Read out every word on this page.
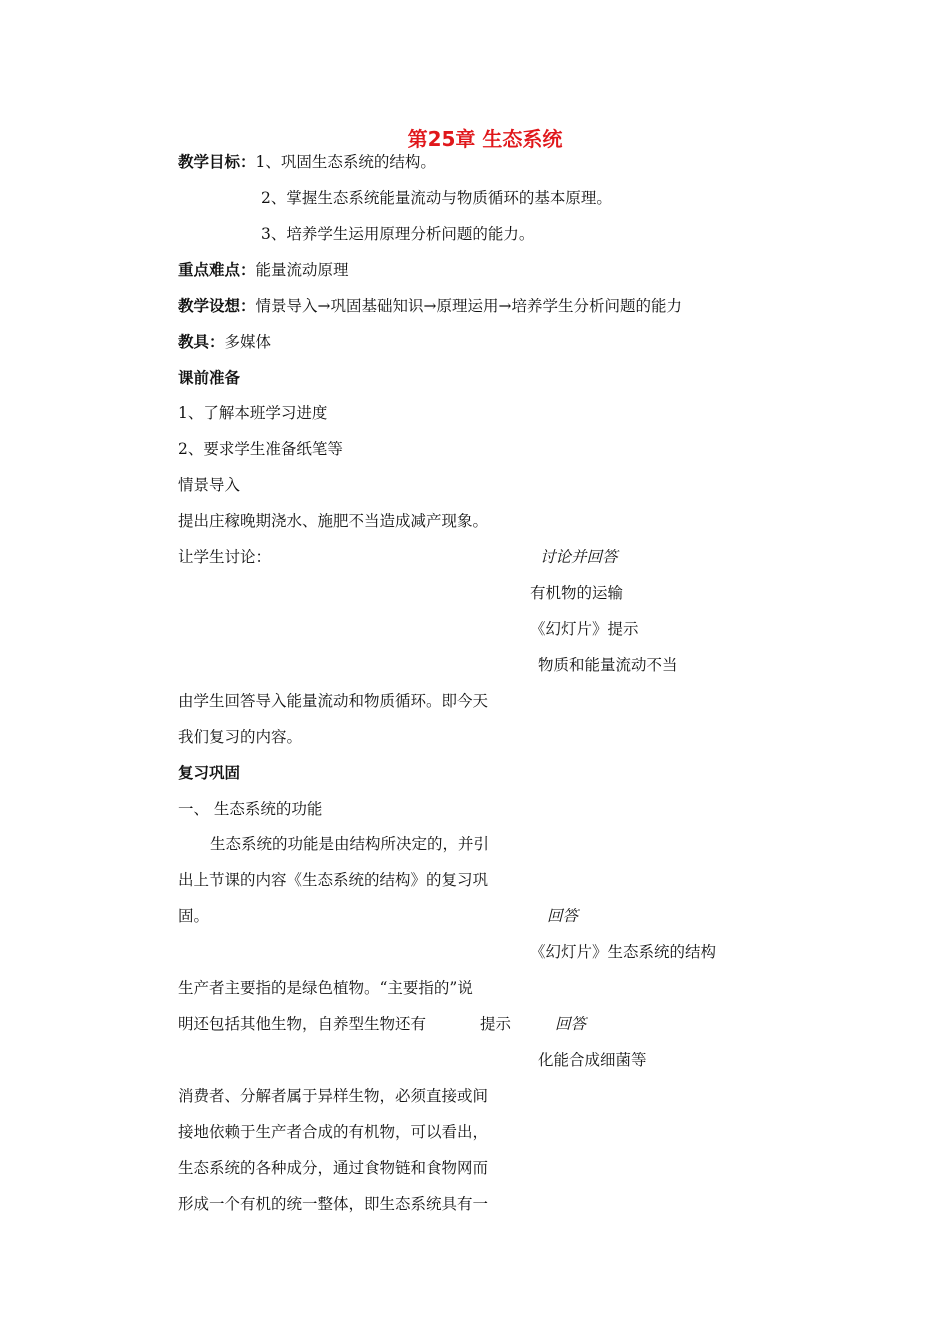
第25章 生态系统
教学目标：1、巩固生态系统的结构。
2、掌握生态系统能量流动与物质循环的基本原理。
3、培养学生运用原理分析问题的能力。
重点难点：能量流动原理
教学设想：情景导入→巩固基础知识→原理运用→培养学生分析问题的能力
教具：多媒体
课前准备
1、了解本班学习进度
2、要求学生准备纸笔等
情景导入
提出庄稼晚期浇水、施肥不当造成减产现象。
让学生讨论：	讨论并回答
有机物的运输
《幻灯片》提示
物质和能量流动不当
由学生回答导入能量流动和物质循环。即今天
我们复习的内容。
复习巩固
一、 生态系统的功能
生态系统的功能是由结构所决定的，并引
出上节课的内容《生态系统的结构》的复习巩
固。	回答
《幻灯片》生态系统的结构
生产者主要指的是绿色植物。“主要指的”说
明还包括其他生物，自养型生物还有	提示	回答
化能合成细菌等
消费者、分解者属于异样生物，必须直接或间
接地依赖于生产者合成的有机物，可以看出，
生态系统的各种成分，通过食物链和食物网而
形成一个有机的统一整体，即生态系统具有一
